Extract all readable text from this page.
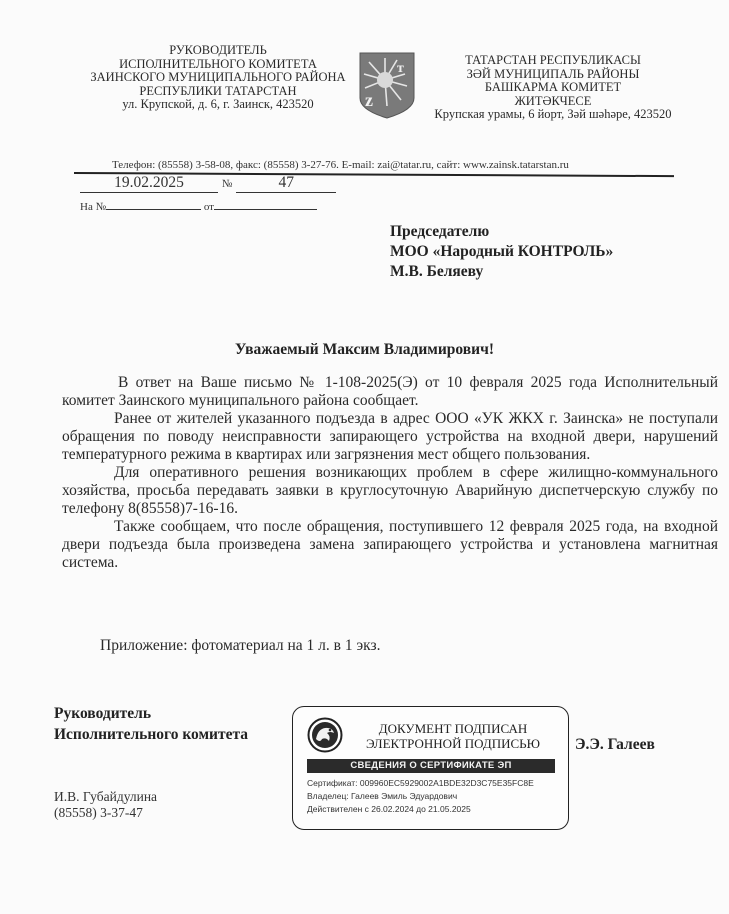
РУКОВОДИТЕЛЬ
ИСПОЛНИТЕЛЬНОГО КОМИТЕТА
ЗАИНСКОГО МУНИЦИПАЛЬНОГО РАЙОНА
РЕСПУБЛИКИ ТАТАРСТАН
ул. Крупской, д. 6, г. Заинск, 423520
т
z
ТАТАРСТАН РЕСПУБЛИКАСЫ
ЗӘЙ МУНИЦИПАЛЬ РАЙОНЫ
БАШКАРМА КОМИТЕТ
ЖИТӘКЧЕСЕ
Крупская урамы, 6 йорт, Зәй шәһәре, 423520
Телефон: (85558) 3-58-08, факс: (85558) 3-27-76. E-mail: zai@tatar.ru, сайт: www.zainsk.tatarstan.ru
19.02.2025	№	47
На №	от
Председателю
МОО «Народный КОНТРОЛЬ»
М.В. Беляеву
Уважаемый Максим Владимирович!

В ответ на Ваше письмо № 1-108-2025(Э) от 10 февраля 2025 года Исполнительный комитет Заинского муниципального района сообщает.

Ранее от жителей указанного подъезда в адрес ООО «УК ЖКХ г. Заинска» не поступали обращения по поводу неисправности запирающего устройства на входной двери, нарушений температурного режима в квартирах или загрязнения мест общего пользования.

Для оперативного решения возникающих проблем в сфере жилищно-коммунального хозяйства, просьба передавать заявки в круглосуточную Аварийную диспетчерскую службу по телефону 8(85558)7-16-16.

Также сообщаем, что после обращения, поступившего 12 февраля 2025 года, на входной двери подъезда была произведена замена запирающего устройства и установлена магнитная система.

Приложение: фотоматериал на 1 л. в 1 экз.
Руководитель
Исполнительного комитета	ДОКУМЕНТ ПОДПИСАН
ЭЛЕКТРОННОЙ ПОДПИСЬЮ
СВЕДЕНИЯ О СЕРТИФИКАТЕ ЭП
Сертификат: 009960EC5929002A1BDE32D3C75E35FC8E
Владелец: Галеев Эмиль Эдуардович
Действителен с 26.02.2024 до 21.05.2025
Э.Э. Галеев
И.В. Губайдулина
(85558) 3-37-47
